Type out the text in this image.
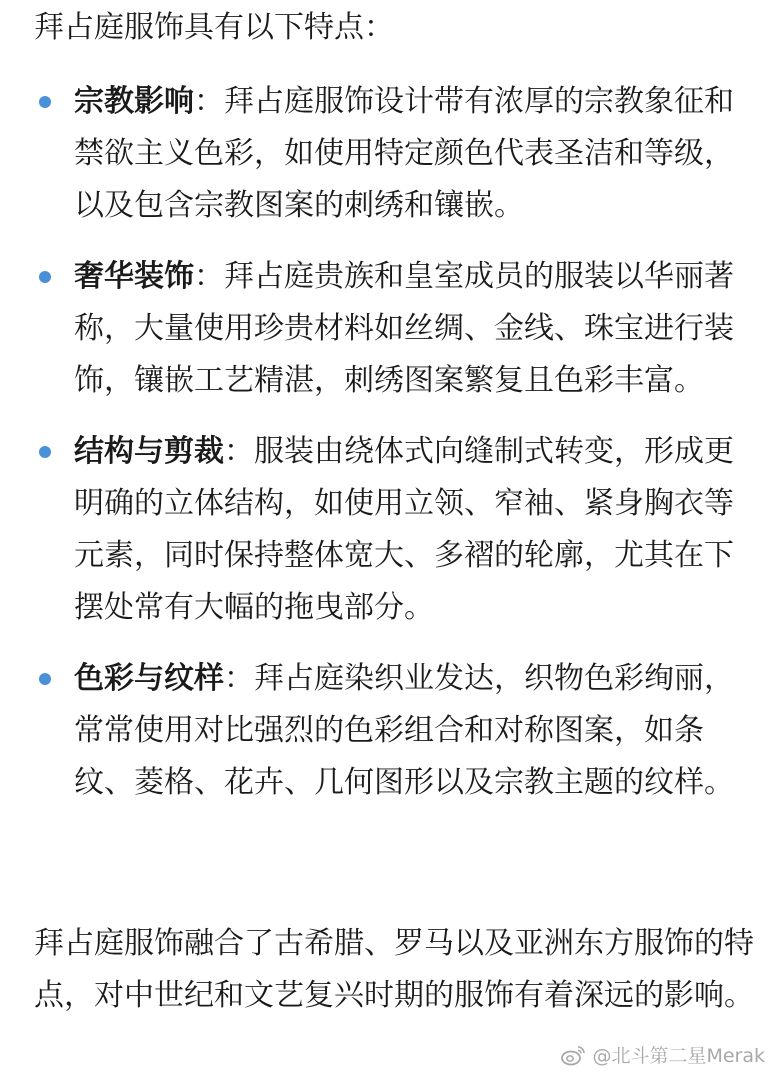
拜占庭服饰具有以下特点：

宗教影响：拜占庭服饰设计带有浓厚的宗教象征和禁欲主义色彩，如使用特定颜色代表圣洁和等级，以及包含宗教图案的刺绣和镶嵌。
奢华装饰：拜占庭贵族和皇室成员的服装以华丽著称，大量使用珍贵材料如丝绸、金线、珠宝进行装饰，镶嵌工艺精湛，刺绣图案繁复且色彩丰富。
结构与剪裁：服装由绕体式向缝制式转变，形成更明确的立体结构，如使用立领、窄袖、紧身胸衣等元素，同时保持整体宽大、多褶的轮廓，尤其在下摆处常有大幅的拖曳部分。
色彩与纹样：拜占庭染织业发达，织物色彩绚丽，常常使用对比强烈的色彩组合和对称图案，如条纹、菱格、花卉、几何图形以及宗教主题的纹样。

拜占庭服饰融合了古希腊、罗马以及亚洲东方服饰的特点，对中世纪和文艺复兴时期的服饰有着深远的影响。

@北斗第二星Merak
